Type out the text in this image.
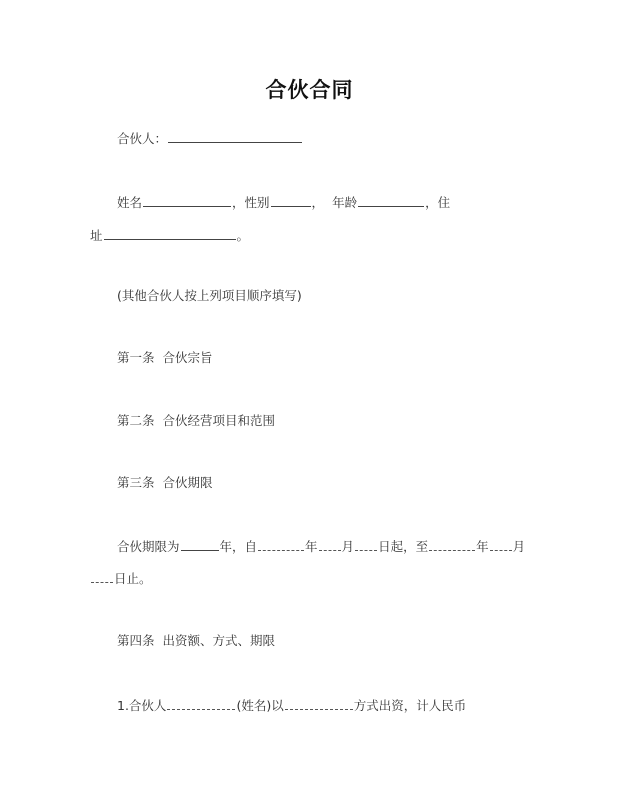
合伙合同
合伙人：
姓名	，性别	， 年龄	，住
址	。
(其他合伙人按上列项目顺序填写)
第一条 合伙宗旨
第二条 合伙经营项目和范围
第三条 合伙期限
合伙期限为	年，自	年 月 日起，至	年 月
日止。
第四条 出资额、方式、期限
1.合伙人	(姓名)以	方式出资，计人民币
